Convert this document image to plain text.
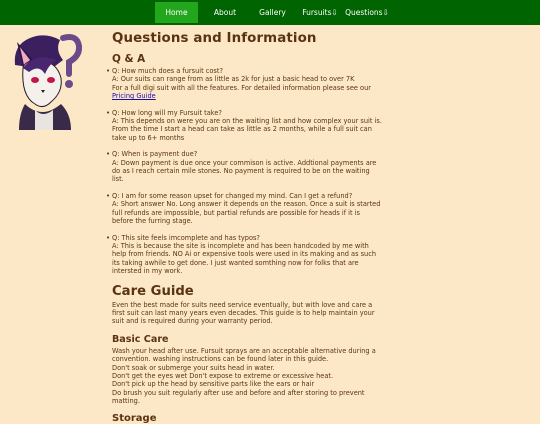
Home	About	Gallery	Fursuits⇩ Questions⇩
Questions and Information
Q & A
• Q: How much does a fursuit cost?
A: Our suits can range from as little as 2k for just a basic head to over 7K
For a full digi suit with all the features. For detailed information please see our Pricing Guide
• Q: How long will my Fursuit take?
A: This depends on were you are on the waiting list and how complex your suit is. From the time I start a head can take as little as 2 months, while a full suit can take up to 6+ months
• Q: When is payment due?
A: Down payment is due once your commison is active. Addtional payments are do as I reach certain mile stones. No payment is required to be on the waiting list.
• Q: I am for some reason upset for changed my mind. Can I get a refund?
A: Short answer No. Long answer it depends on the reason. Once a suit is started full refunds are impossible, but partial refunds are possible for heads if it is before the furring stage.
• Q: This site feels imcomplete and has typos?
A: This is because the site is incomplete and has been handcoded by me with help from friends. NO Ai or expensive tools were used in its making and as such its taking awhile to get done. I just wanted somthing now for folks that are intersted in my work.
Care Guide

Even the best made for suits need service eventually, but with love and care a first suit can last many years even decades. This guide is to help maintain your suit and is required during your warranty period.

Basic Care

Wash your head after use. Fursuit sprays are an acceptable alternative during a convention. washing instructions can be found later in this guide.
Don't soak or submerge your suits head in water.
Don't get the eyes wet Don't expose to extreme or excessive heat.
Don't pick up the head by sensitive parts like the ears or hair
Do brush you suit regularly after use and before and after storing to prevent matting.

Storage
